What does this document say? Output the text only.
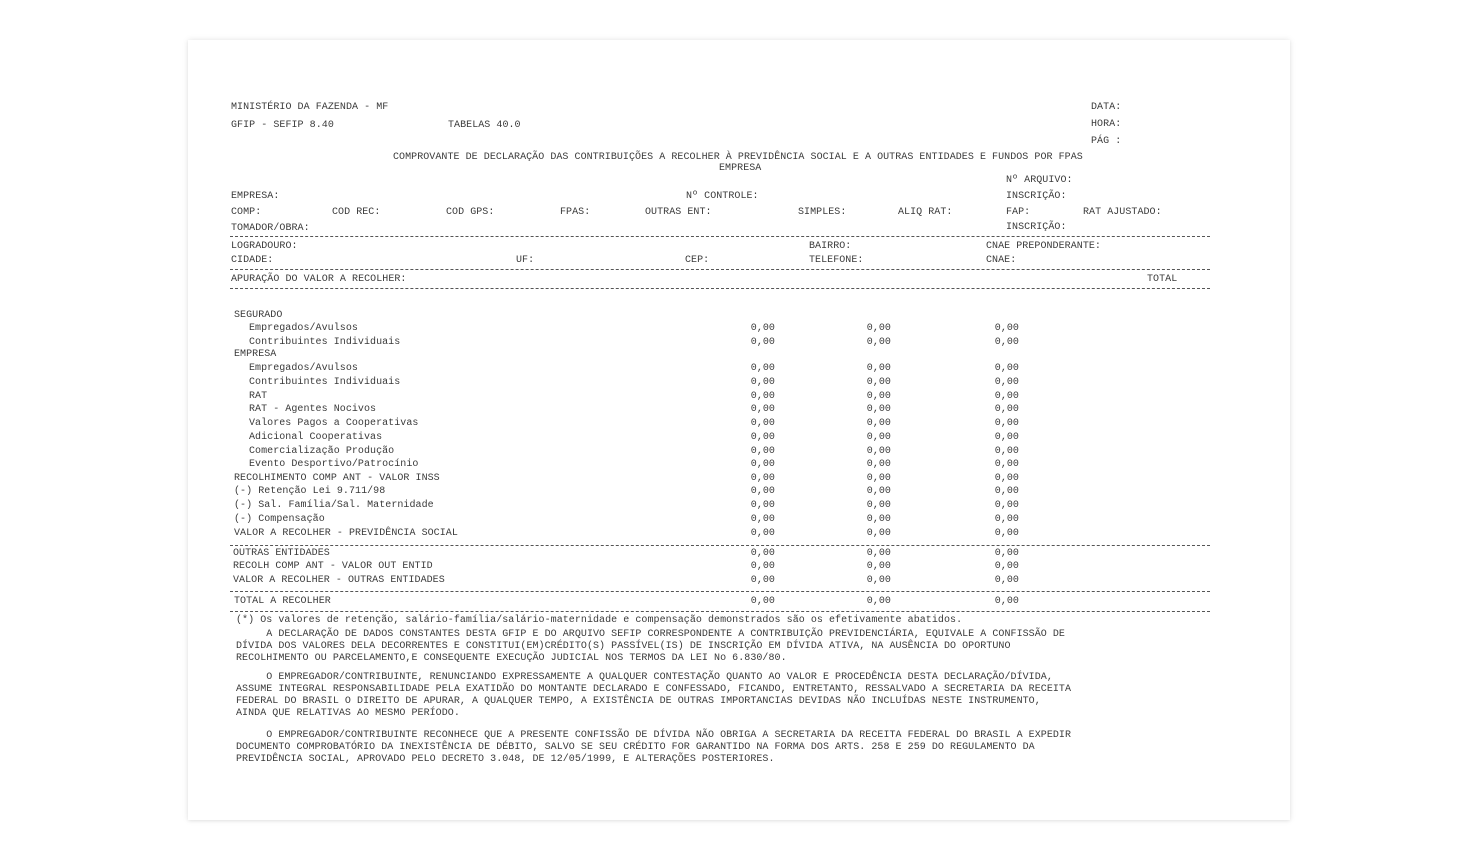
MINISTÉRIO DA FAZENDA - MF
GFIP - SEFIP 8.40	TABELAS 40.0
DATA:
HORA:
PÁG :
COMPROVANTE DE DECLARAÇÃO DAS CONTRIBUIÇÕES A RECOLHER À PREVIDÊNCIA SOCIAL E A OUTRAS ENTIDADES E FUNDOS POR FPAS
EMPRESA
Nº ARQUIVO:
EMPRESA:	Nº CONTROLE:	INSCRIÇÃO:
COMP:	COD REC:	COD GPS:	FPAS:	OUTRAS ENT:	SIMPLES:	ALIQ RAT:	FAP:	RAT AJUSTADO:
TOMADOR/OBRA:	INSCRIÇÃO:
LOGRADOURO:	BAIRRO:	CNAE PREPONDERANTE:
CIDADE:	UF:	CEP:	TELEFONE:	CNAE:
APURAÇÃO DO VALOR A RECOLHER:	TOTAL
SEGURADO
Empregados/Avulsos	0,00	0,00	0,00
Contribuintes Individuais	0,00	0,00	0,00
EMPRESA
Empregados/Avulsos	0,00	0,00	0,00
Contribuintes Individuais	0,00	0,00	0,00
RAT	0,00	0,00	0,00
RAT - Agentes Nocivos	0,00	0,00	0,00
Valores Pagos a Cooperativas	0,00	0,00	0,00
Adicional Cooperativas	0,00	0,00	0,00
Comercialização Produção	0,00	0,00	0,00
Evento Desportivo/Patrocínio	0,00	0,00	0,00
RECOLHIMENTO COMP ANT - VALOR INSS	0,00	0,00	0,00
(-) Retenção Lei 9.711/98	0,00	0,00	0,00
(-) Sal. Família/Sal. Maternidade	0,00	0,00	0,00
(-) Compensação	0,00	0,00	0,00
VALOR A RECOLHER - PREVIDÊNCIA SOCIAL	0,00	0,00	0,00
OUTRAS ENTIDADES	0,00	0,00	0,00
RECOLH COMP ANT - VALOR OUT ENTID	0,00	0,00	0,00
VALOR A RECOLHER - OUTRAS ENTIDADES	0,00	0,00	0,00
TOTAL A RECOLHER	0,00	0,00	0,00
(*) Os valores de retenção, salário-família/salário-maternidade e compensação demonstrados são os efetivamente abatidos.
A DECLARAÇÃO DE DADOS CONSTANTES DESTA GFIP E DO ARQUIVO SEFIP CORRESPONDENTE A CONTRIBUIÇÃO PREVIDENCIÁRIA, EQUIVALE A CONFISSÃO DE
DÍVIDA DOS VALORES DELA DECORRENTES E CONSTITUI(EM)CRÉDITO(S) PASSÍVEL(IS) DE INSCRIÇÃO EM DÍVIDA ATIVA, NA AUSÊNCIA DO OPORTUNO
RECOLHIMENTO OU PARCELAMENTO,E CONSEQUENTE EXECUÇÃO JUDICIAL NOS TERMOS DA LEI No 6.830/80.
O EMPREGADOR/CONTRIBUINTE, RENUNCIANDO EXPRESSAMENTE A QUALQUER CONTESTAÇÃO QUANTO AO VALOR E PROCEDÊNCIA DESTA DECLARAÇÃO/DÍVIDA,
ASSUME INTEGRAL RESPONSABILIDADE PELA EXATIDÃO DO MONTANTE DECLARADO E CONFESSADO, FICANDO, ENTRETANTO, RESSALVADO A SECRETARIA DA RECEITA
FEDERAL DO BRASIL O DIREITO DE APURAR, A QUALQUER TEMPO, A EXISTÊNCIA DE OUTRAS IMPORTANCIAS DEVIDAS NÃO INCLUÍDAS NESTE INSTRUMENTO,
AINDA QUE RELATIVAS AO MESMO PERÍODO.
O EMPREGADOR/CONTRIBUINTE RECONHECE QUE A PRESENTE CONFISSÃO DE DÍVIDA NÃO OBRIGA A SECRETARIA DA RECEITA FEDERAL DO BRASIL A EXPEDIR
DOCUMENTO COMPROBATÓRIO DA INEXISTÊNCIA DE DÉBITO, SALVO SE SEU CRÉDITO FOR GARANTIDO NA FORMA DOS ARTS. 258 E 259 DO REGULAMENTO DA
PREVIDÊNCIA SOCIAL, APROVADO PELO DECRETO 3.048, DE 12/05/1999, E ALTERAÇÕES POSTERIORES.
